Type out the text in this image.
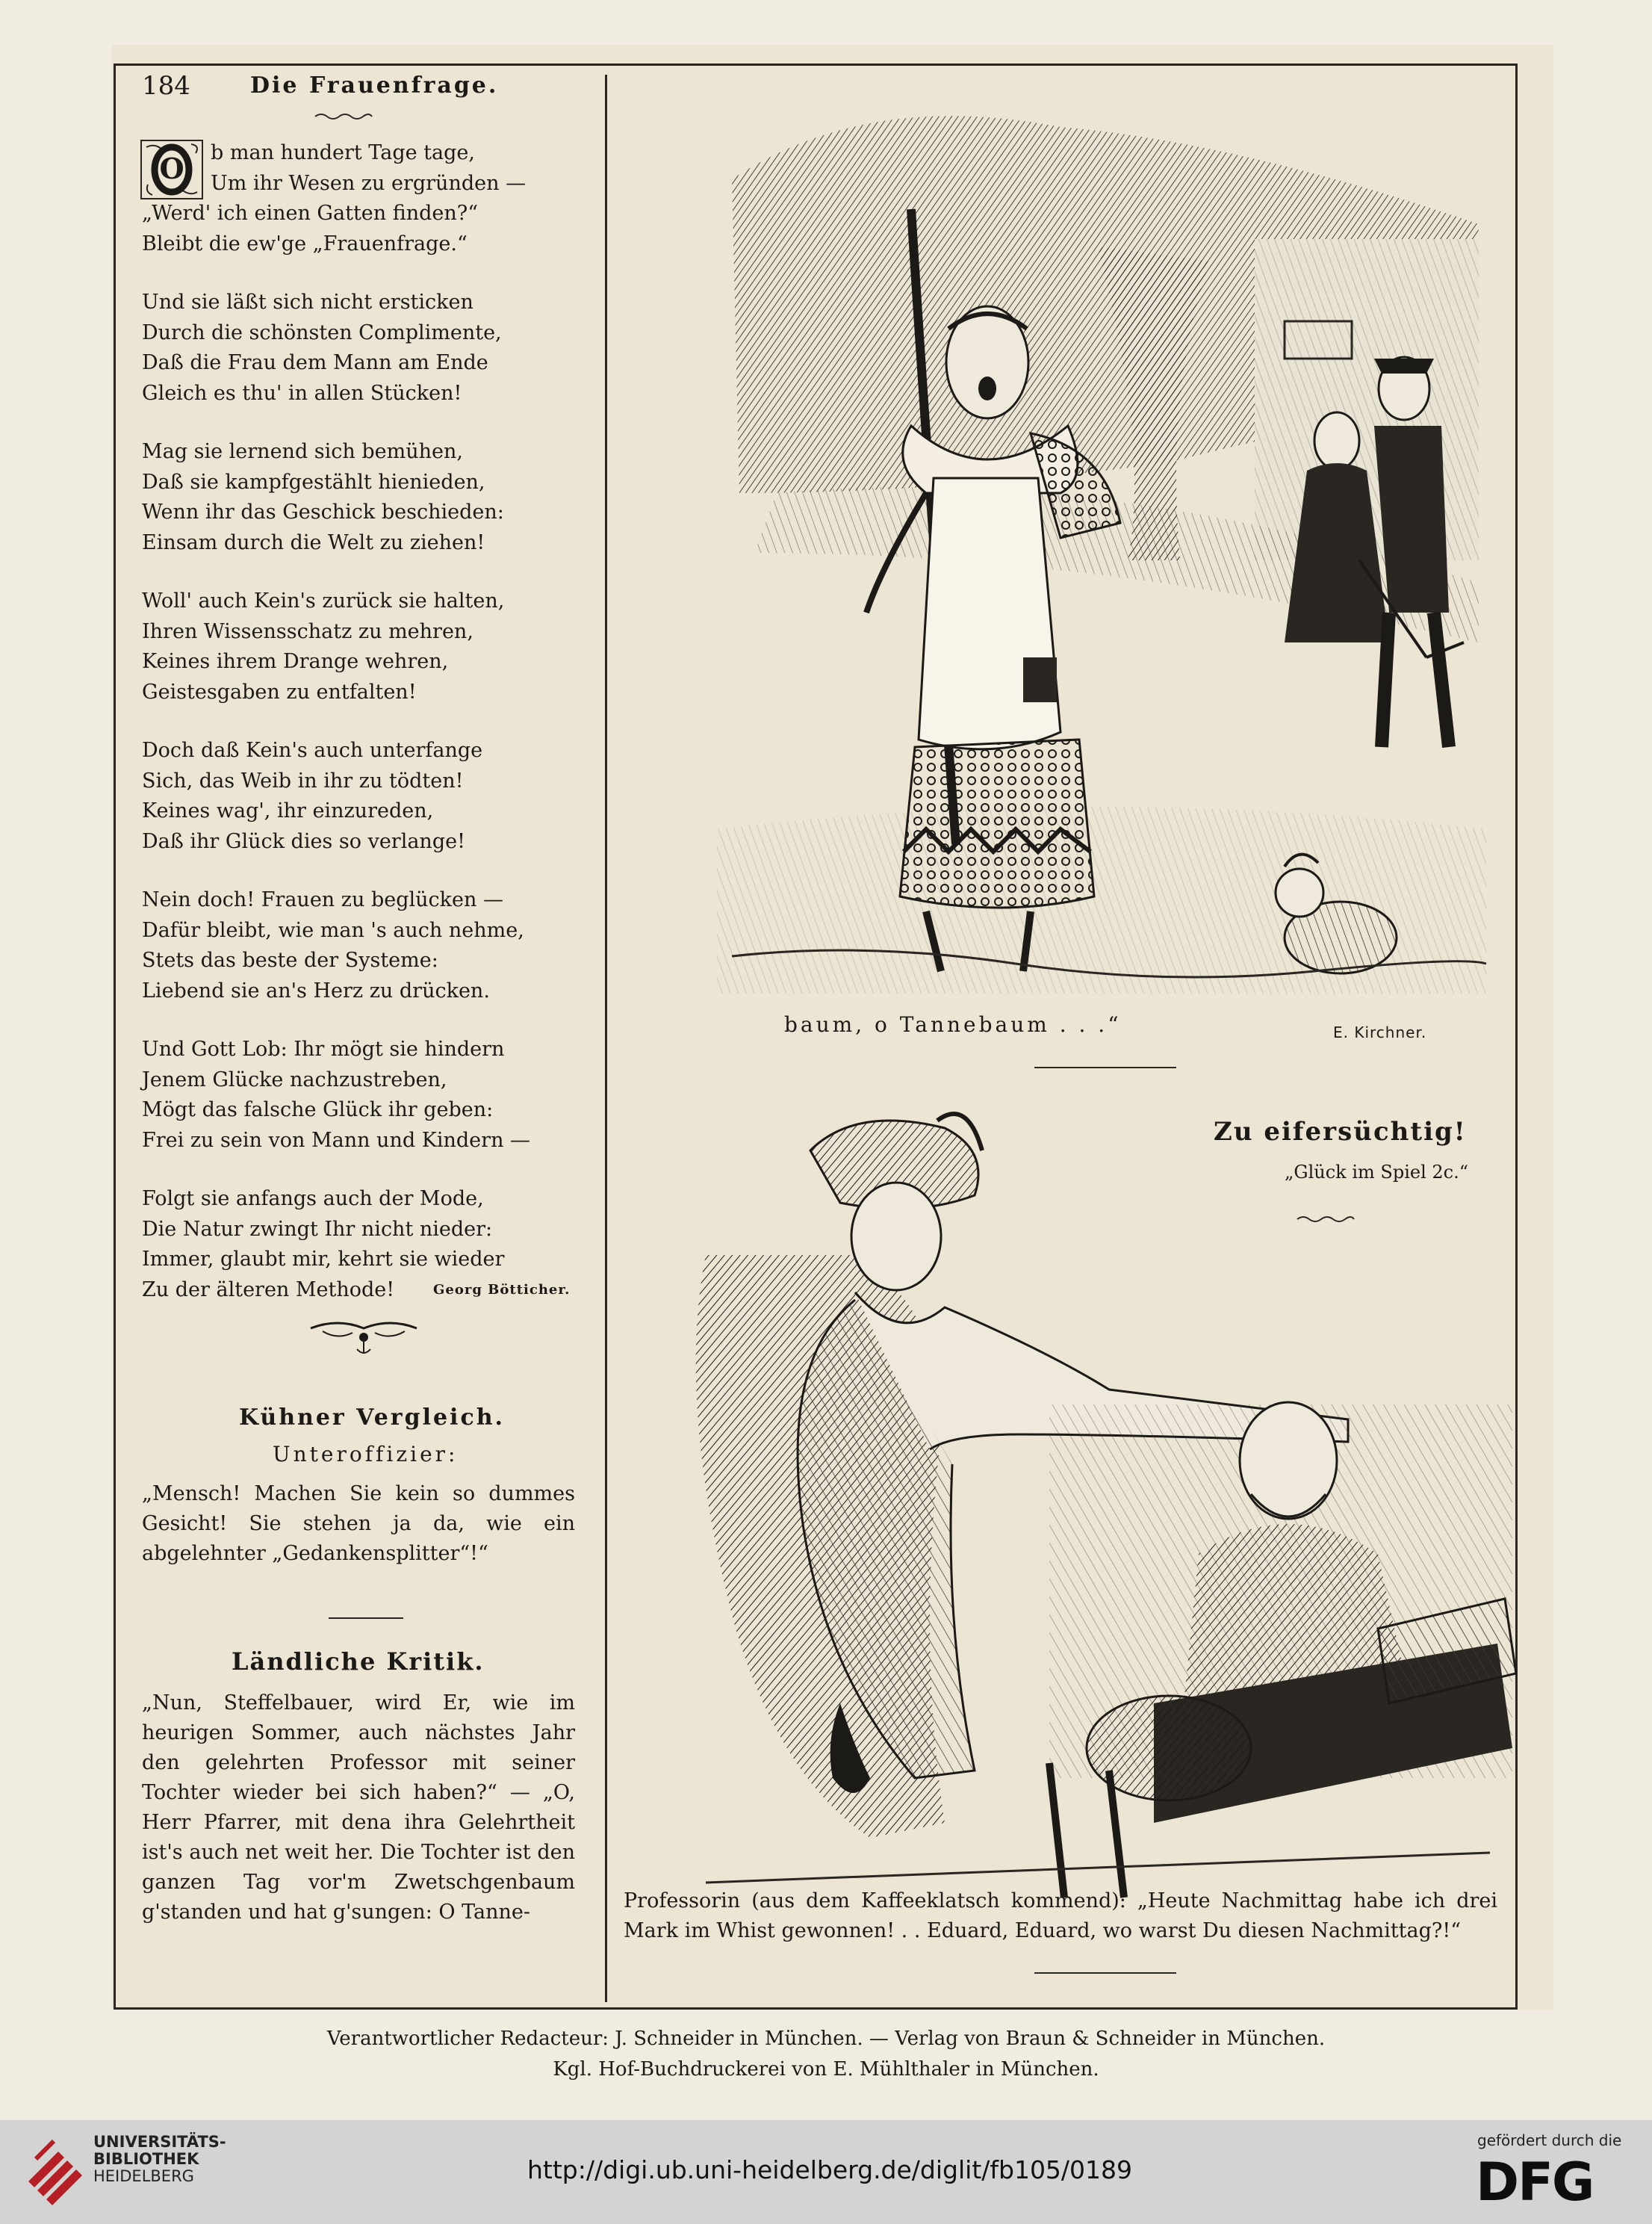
184	Die Frauenfrage.
O	b man hundert Tage tage,
Um ihr Wesen zu ergründen —
„Werd' ich einen Gatten finden?“
Bleibt die ew'ge „Frauenfrage.“
Und sie läßt sich nicht ersticken
Durch die schönsten Complimente,
Daß die Frau dem Mann am Ende
Gleich es thu' in allen Stücken!
Mag sie lernend sich bemühen,
Daß sie kampfgestählt hienieden,
Wenn ihr das Geschick beschieden:
Einsam durch die Welt zu ziehen!
Woll' auch Kein's zurück sie halten,
Ihren Wissensschatz zu mehren,
Keines ihrem Drange wehren,
Geistesgaben zu entfalten!
Doch daß Kein's auch unterfange
Sich, das Weib in ihr zu tödten!
Keines wag', ihr einzureden,
Daß ihr Glück dies so verlange!
Nein doch! Frauen zu beglücken —
Dafür bleibt, wie man 's auch nehme,
Stets das beste der Systeme:
Liebend sie an's Herz zu drücken.
Und Gott Lob: Ihr mögt sie hindern
Jenem Glücke nachzustreben,
Mögt das falsche Glück ihr geben:
Frei zu sein von Mann und Kindern —
Folgt sie anfangs auch der Mode,
Die Natur zwingt Ihr nicht nieder:
Immer, glaubt mir, kehrt sie wieder
Zu der älteren Methode!	Georg Bötticher.
Kühner Vergleich.
Unteroffizier:
„Mensch! Machen Sie kein so dummes Gesicht! Sie stehen ja da, wie ein abgelehnter „Gedankensplitter“!“
Ländliche Kritik.
„Nun, Steffelbauer, wird Er, wie im heurigen Sommer, auch nächstes Jahr den gelehrten Professor mit seiner Tochter wieder bei sich haben?“ — „O, Herr Pfarrer, mit dena ihra Gelehrtheit ist's auch net weit her. Die Tochter ist den ganzen Tag vor'm Zwetschgenbaum g'standen und hat g'sungen: O Tanne-
baum, o Tannebaum . . .“	E. Kirchner.
Zu eifersüchtig!
„Glück im Spiel 2c.“
Professorin (aus dem Kaffeeklatsch kommend): „Heute Nachmittag habe ich drei Mark im Whist gewonnen! . . Eduard, Eduard, wo warst Du diesen Nachmittag?!“
Verantwortlicher Redacteur: J. Schneider in München. — Verlag von Braun & Schneider in München.
Kgl. Hof-Buchdruckerei von E. Mühlthaler in München.
UNIVERSITÄTS-
BIBLIOTHEK
HEIDELBERG	http://digi.ub.uni-heidelberg.de/diglit/fb105/0189
gefördert durch die
DFG
